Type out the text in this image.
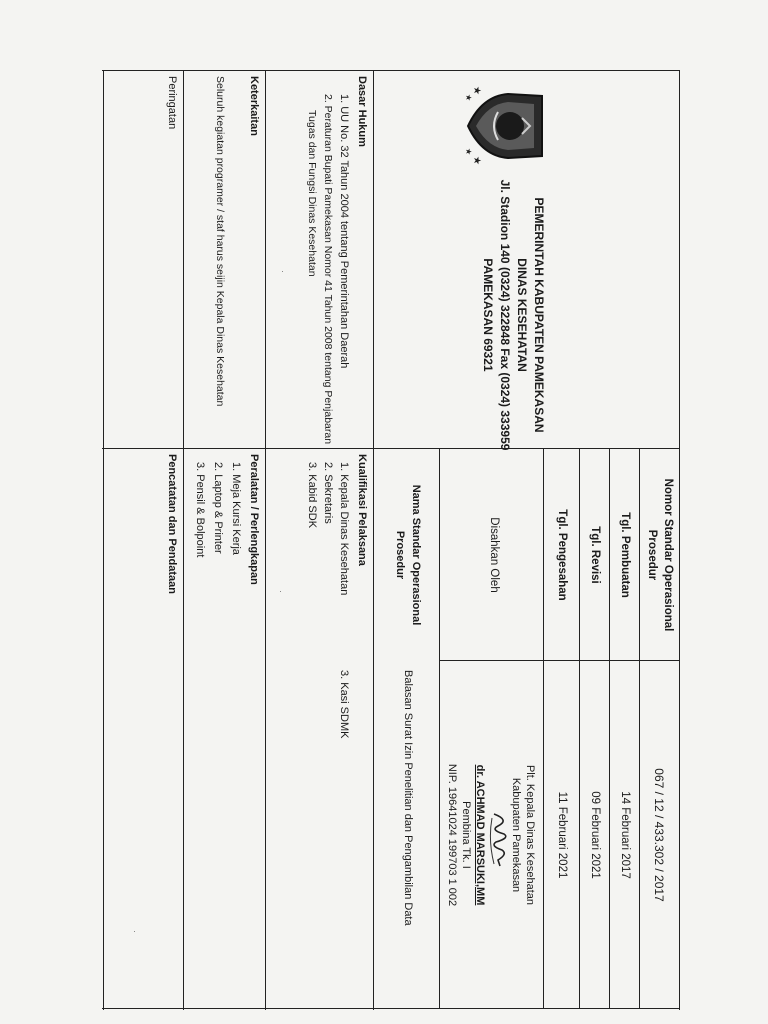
★
★
★
★
PEMERINTAH KABUPATEN PAMEKASAN
DINAS KESEHATAN
Jl. Stadion 140 (0324) 322848 Fax (0324) 333959
PAMEKASAN 69321
Nomor Standar Operasional
Prosedur
067 / 12 / 433.302 / 2017
Tgl. Pembuatan
14 Februari 2017
Tgl. Revisi
09 Februari 2021
Tgl. Pengesahan
11 Februari 2021
Disahkan Oleh
Plt. Kepala Dinas Kesehatan
Kabupaten Pamekasan
dr. ACHMAD MARSUKI,MM
Pembina Tk. I
NIP. 19641024 199703 1 002
Nama Standar Operasional
Prosedur
Balasan Surat Izin Penelitian dan Pengambilan Data
Dasar Hukum
1. UU No. 32 Tahun 2004 tentang Pemerintahan Daerah
2. Peraturan Bupati Pamekasan Nomor 41 Tahun 2008 tentang Penjabaran
Tugas dan Fungsi Dinas Kesehatan
Kualifikasi Pelaksana
1. Kepala Dinas Kesehatan
2. Sekretaris
3. Kabid SDK
3. Kasi SDMK
Keterkaitan
Seluruh kegiatan programer / staf harus seijin Kepala Dinas Kesehatan
Peralatan / Perlengkapan
1. Meja Kursi Kerja
2. Laptop & Printer
3. Pensil & Bolpoint
Peringatan
Pencatatan dan Pendataan
·
·
·
